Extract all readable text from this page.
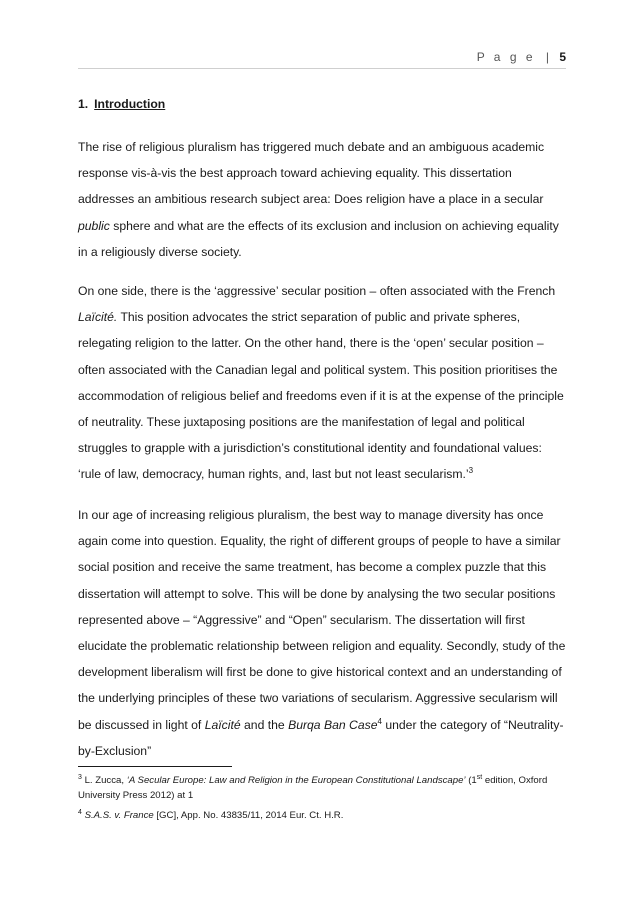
P a g e | 5
1. Introduction

The rise of religious pluralism has triggered much debate and an ambiguous academic response vis-à-vis the best approach toward achieving equality. This dissertation addresses an ambitious research subject area: Does religion have a place in a secular public sphere and what are the effects of its exclusion and inclusion on achieving equality in a religiously diverse society.

On one side, there is the ‘aggressive’ secular position – often associated with the French Laïcité. This position advocates the strict separation of public and private spheres, relegating religion to the latter. On the other hand, there is the ‘open’ secular position – often associated with the Canadian legal and political system. This position prioritises the accommodation of religious belief and freedoms even if it is at the expense of the principle of neutrality. These juxtaposing positions are the manifestation of legal and political struggles to grapple with a jurisdiction’s constitutional identity and foundational values: ‘rule of law, democracy, human rights, and, last but not least secularism.’$^3$

In our age of increasing religious pluralism, the best way to manage diversity has once again come into question. Equality, the right of different groups of people to have a similar social position and receive the same treatment, has become a complex puzzle that this dissertation will attempt to solve. This will be done by analysing the two secular positions represented above – “Aggressive” and “Open” secularism. The dissertation will first elucidate the problematic relationship between religion and equality. Secondly, study of the development liberalism will first be done to give historical context and an understanding of the underlying principles of these two variations of secularism. Aggressive secularism will be discussed in light of Laïcité and the Burqa Ban Case$^4$ under the category of “Neutrality-by-Exclusion”

$^3$ L. Zucca, ‘A Secular Europe: Law and Religion in the European Constitutional Landscape’ (1st edition, Oxford University Press 2012) at 1
$^4$ S.A.S. v. France [GC], App. No. 43835/11, 2014 Eur. Ct. H.R.
